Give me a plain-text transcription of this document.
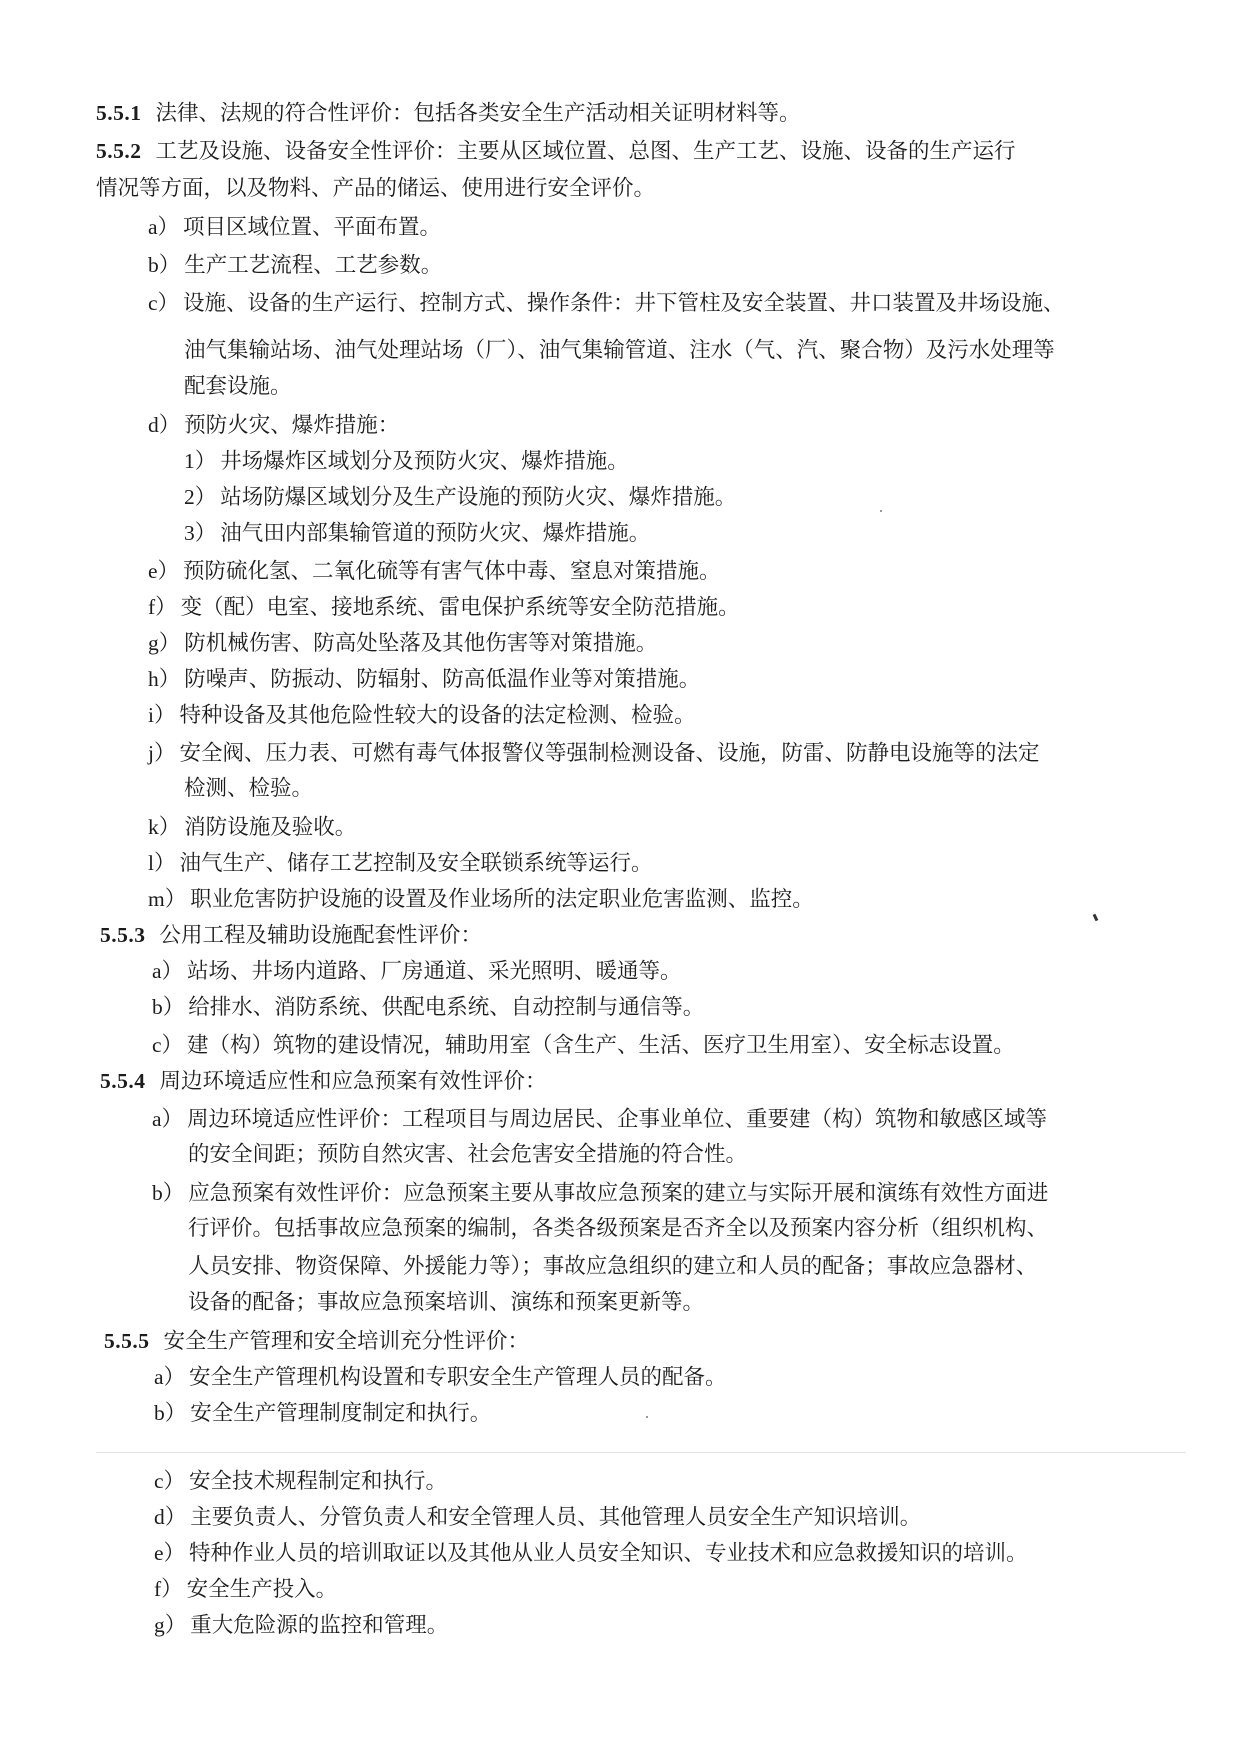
5.5.1 法律、法规的符合性评价：包括各类安全生产活动相关证明材料等。
5.5.2 工艺及设施、设备安全性评价：主要从区域位置、总图、生产工艺、设施、设备的生产运行
情况等方面，以及物料、产品的储运、使用进行安全评价。
a） 项目区域位置、平面布置。
b） 生产工艺流程、工艺参数。
c） 设施、设备的生产运行、控制方式、操作条件：井下管柱及安全装置、井口装置及井场设施、
油气集输站场、油气处理站场（厂）、油气集输管道、注水（气、汽、聚合物）及污水处理等
配套设施。
d） 预防火灾、爆炸措施：
1） 井场爆炸区域划分及预防火灾、爆炸措施。
2） 站场防爆区域划分及生产设施的预防火灾、爆炸措施。
3） 油气田内部集输管道的预防火灾、爆炸措施。
e） 预防硫化氢、二氧化硫等有害气体中毒、窒息对策措施。
f） 变（配）电室、接地系统、雷电保护系统等安全防范措施。
g） 防机械伤害、防高处坠落及其他伤害等对策措施。
h） 防噪声、防振动、防辐射、防高低温作业等对策措施。
i） 特种设备及其他危险性较大的设备的法定检测、检验。
j） 安全阀、压力表、可燃有毒气体报警仪等强制检测设备、设施，防雷、防静电设施等的法定
检测、检验。
k） 消防设施及验收。
l） 油气生产、储存工艺控制及安全联锁系统等运行。
m） 职业危害防护设施的设置及作业场所的法定职业危害监测、监控。
5.5.3 公用工程及辅助设施配套性评价：
a） 站场、井场内道路、厂房通道、采光照明、暖通等。
b） 给排水、消防系统、供配电系统、自动控制与通信等。
c） 建（构）筑物的建设情况，辅助用室（含生产、生活、医疗卫生用室）、安全标志设置。
5.5.4 周边环境适应性和应急预案有效性评价：
a） 周边环境适应性评价：工程项目与周边居民、企事业单位、重要建（构）筑物和敏感区域等
的安全间距；预防自然灾害、社会危害安全措施的符合性。
b） 应急预案有效性评价：应急预案主要从事故应急预案的建立与实际开展和演练有效性方面进
行评价。包括事故应急预案的编制，各类各级预案是否齐全以及预案内容分析（组织机构、
人员安排、物资保障、外援能力等）；事故应急组织的建立和人员的配备；事故应急器材、
设备的配备；事故应急预案培训、演练和预案更新等。
5.5.5 安全生产管理和安全培训充分性评价：
a） 安全生产管理机构设置和专职安全生产管理人员的配备。
b） 安全生产管理制度制定和执行。
c） 安全技术规程制定和执行。
d） 主要负责人、分管负责人和安全管理人员、其他管理人员安全生产知识培训。
e） 特种作业人员的培训取证以及其他从业人员安全知识、专业技术和应急救援知识的培训。
f） 安全生产投入。
g） 重大危险源的监控和管理。
